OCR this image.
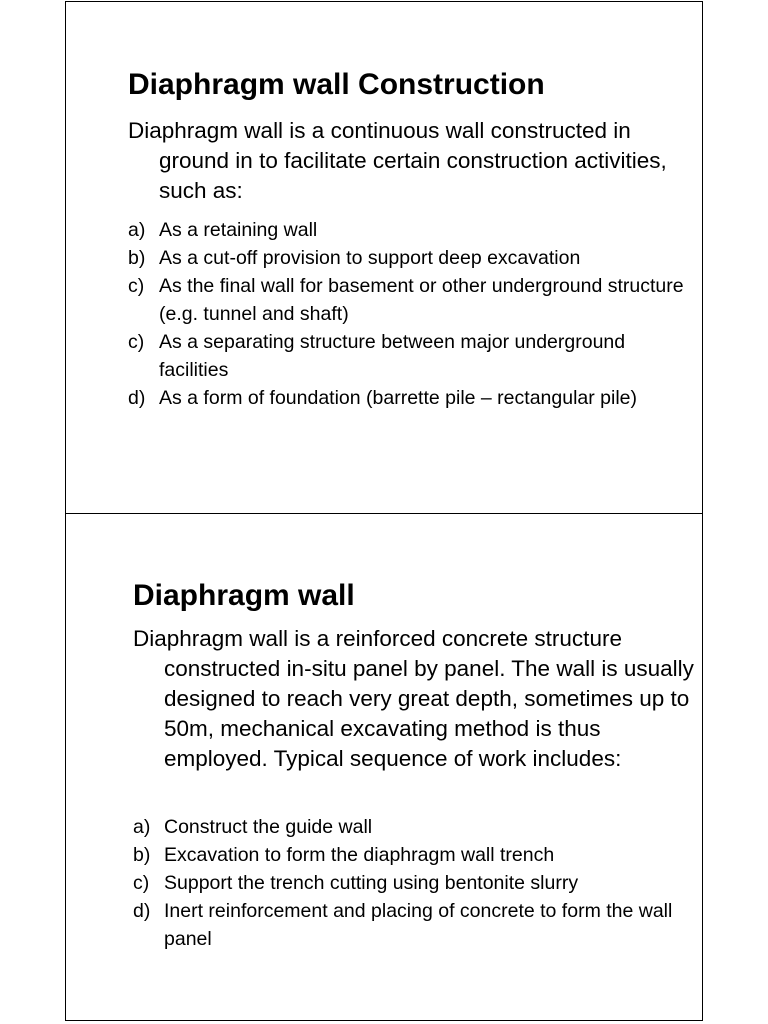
Diaphragm wall Construction

Diaphragm wall is a continuous wall constructed in ground in to facilitate certain construction activities, such as:

a) As a retaining wall
b) As a cut-off provision to support deep excavation
c) As the final wall for basement or other underground structure (e.g. tunnel and shaft)
c) As a separating structure between major underground facilities
d) As a form of foundation (barrette pile – rectangular pile)
Diaphragm wall

Diaphragm wall is a reinforced concrete structure constructed in-situ panel by panel. The wall is usually designed to reach very great depth, sometimes up to 50m, mechanical excavating method is thus employed. Typical sequence of work includes:

a) Construct the guide wall
b) Excavation to form the diaphragm wall trench
c) Support the trench cutting using bentonite slurry
d) Inert reinforcement and placing of concrete to form the wall panel
